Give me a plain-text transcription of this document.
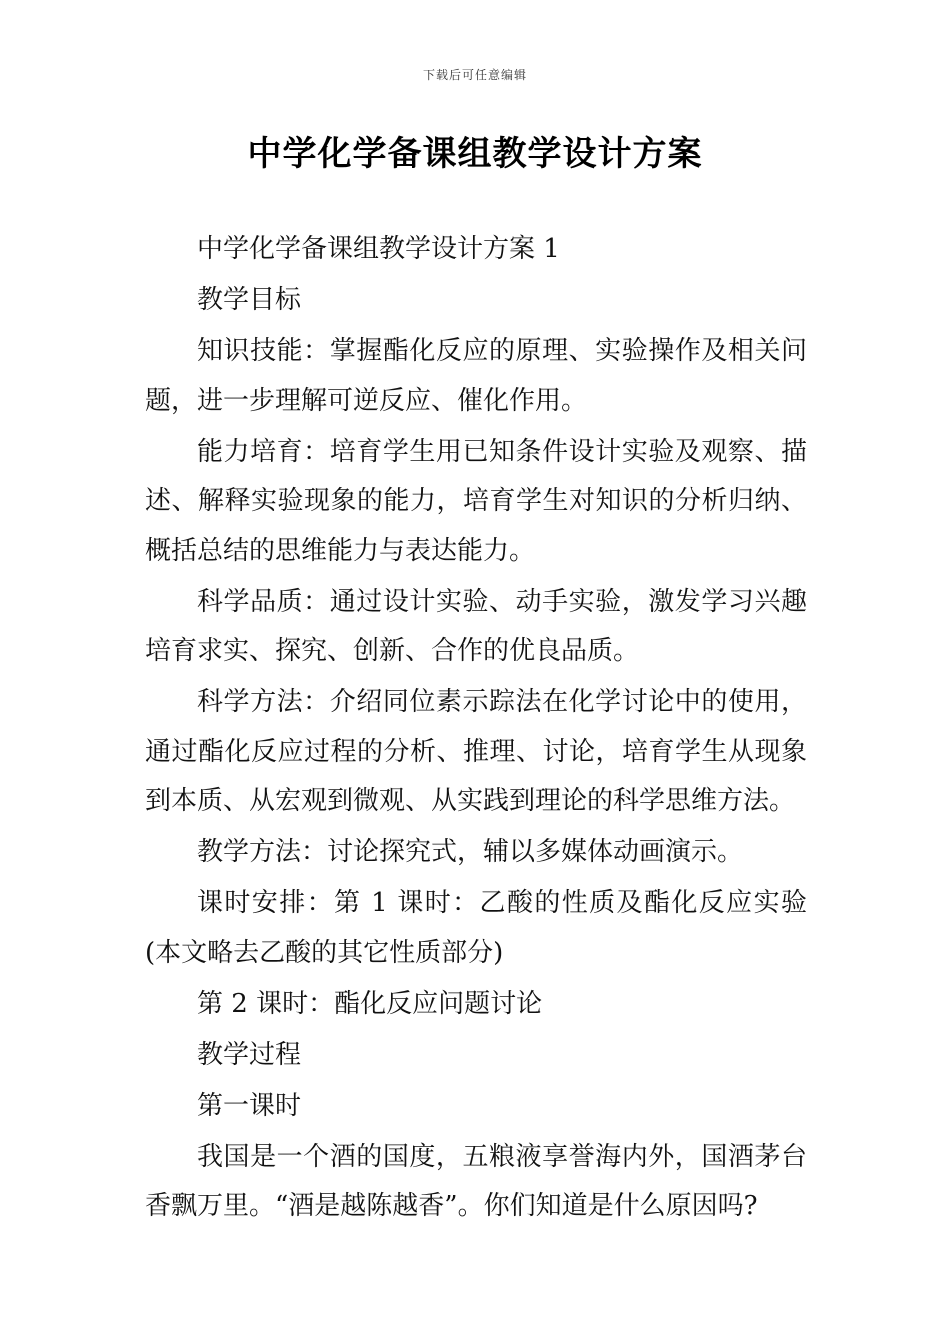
下载后可任意编辑
中学化学备课组教学设计方案

中学化学备课组教学设计方案 1

教学目标

知识技能：掌握酯化反应的原理、实验操作及相关问题，进一步理解可逆反应、催化作用。

能力培育：培育学生用已知条件设计实验及观察、描述、解释实验现象的能力，培育学生对知识的分析归纳、概括总结的思维能力与表达能力。

科学品质：通过设计实验、动手实验，激发学习兴趣培育求实、探究、创新、合作的优良品质。

科学方法：介绍同位素示踪法在化学讨论中的使用，通过酯化反应过程的分析、推理、讨论，培育学生从现象到本质、从宏观到微观、从实践到理论的科学思维方法。

教学方法：讨论探究式，辅以多媒体动画演示。

课时安排：第 1 课时：乙酸的性质及酯化反应实验(本文略去乙酸的其它性质部分)

第 2 课时：酯化反应问题讨论

教学过程

第一课时

我国是一个酒的国度，五粮液享誉海内外，国酒茅台香飘万里。“酒是越陈越香”。你们知道是什么原因吗?
